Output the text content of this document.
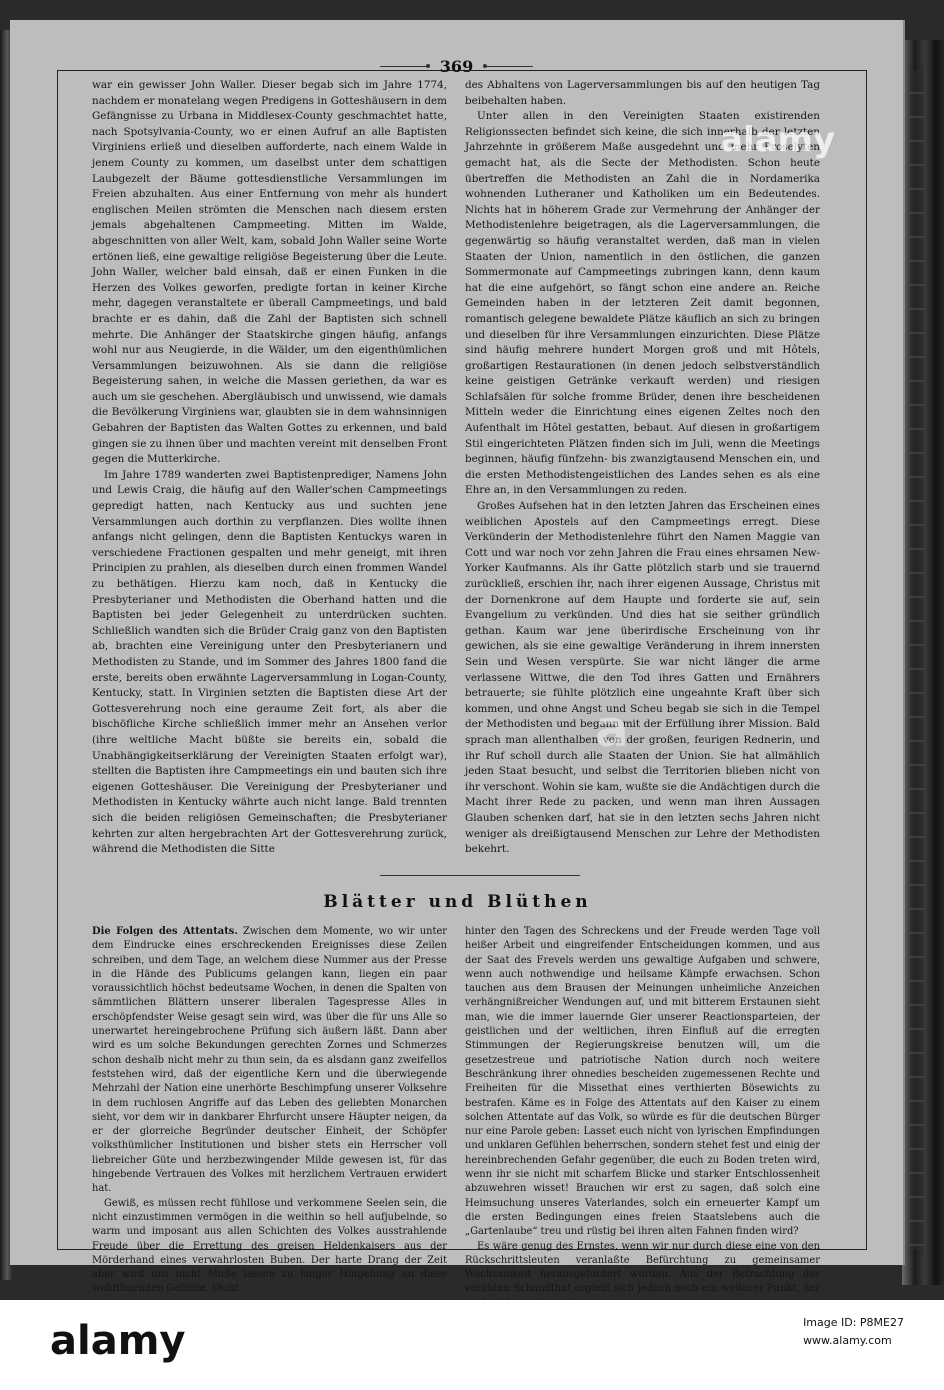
369

war ein gewisser John Waller. Dieser begab sich im Jahre 1774, nachdem er monatelang wegen Predigens in Gotteshäusern in dem Gefängnisse zu Urbana in Middlesex-County geschmachtet hatte, nach Spotsylvania-County, wo er einen Aufruf an alle Baptisten Virginiens erließ und dieselben aufforderte, nach einem Walde in jenem County zu kommen, um daselbst unter dem schattigen Laubgezelt der Bäume gottesdienstliche Versammlungen im Freien abzuhalten. Aus einer Entfernung von mehr als hundert englischen Meilen strömten die Menschen nach diesem ersten jemals abgehaltenen Campmeeting. Mitten im Walde, abgeschnitten von aller Welt, kam, sobald John Waller seine Worte ertönen ließ, eine gewaltige religiöse Begeisterung über die Leute. John Waller, welcher bald einsah, daß er einen Funken in die Herzen des Volkes geworfen, predigte fortan in keiner Kirche mehr, dagegen veranstaltete er überall Campmeetings, und bald brachte er es dahin, daß die Zahl der Baptisten sich schnell mehrte. Die Anhänger der Staatskirche gingen häufig, anfangs wohl nur aus Neugierde, in die Wälder, um den eigenthümlichen Versammlungen beizuwohnen. Als sie dann die religiöse Begeisterung sahen, in welche die Massen geriethen, da war es auch um sie geschehen. Abergläubisch und unwissend, wie damals die Bevölkerung Virginiens war, glaubten sie in dem wahnsinnigen Gebahren der Baptisten das Walten Gottes zu erkennen, und bald gingen sie zu ihnen über und machten vereint mit denselben Front gegen die Mutterkirche.

Im Jahre 1789 wanderten zwei Baptistenprediger, Namens John und Lewis Craig, die häufig auf den Waller'schen Campmeetings gepredigt hatten, nach Kentucky aus und suchten jene Versammlungen auch dorthin zu verpflanzen. Dies wollte ihnen anfangs nicht gelingen, denn die Baptisten Kentuckys waren in verschiedene Fractionen gespalten und mehr geneigt, mit ihren Principien zu prahlen, als dieselben durch einen frommen Wandel zu bethätigen. Hierzu kam noch, daß in Kentucky die Presbyterianer und Methodisten die Oberhand hatten und die Baptisten bei jeder Gelegenheit zu unterdrücken suchten. Schließlich wandten sich die Brüder Craig ganz von den Baptisten ab, brachten eine Vereinigung unter den Presbyterianern und Methodisten zu Stande, und im Sommer des Jahres 1800 fand die erste, bereits oben erwähnte Lagerversammlung in Logan-County, Kentucky, statt. In Virginien setzten die Baptisten diese Art der Gottesverehrung noch eine geraume Zeit fort, als aber die bischöfliche Kirche schließlich immer mehr an Ansehen verlor (ihre weltliche Macht büßte sie bereits ein, sobald die Unabhängigkeitserklärung der Vereinigten Staaten erfolgt war), stellten die Baptisten ihre Campmeetings ein und bauten sich ihre eigenen Gotteshäuser. Die Vereinigung der Presbyterianer und Methodisten in Kentucky währte auch nicht lange. Bald trennten sich die beiden religiösen Gemeinschaften; die Presbyterianer kehrten zur alten hergebrachten Art der Gottesverehrung zurück, während die Methodisten die Sitte

des Abhaltens von Lagerversammlungen bis auf den heutigen Tag beibehalten haben.

Unter allen in den Vereinigten Staaten existirenden Religionssecten befindet sich keine, die sich innerhalb der letzten Jahrzehnte in größerem Maße ausgedehnt und mehr Proselyten gemacht hat, als die Secte der Methodisten. Schon heute übertreffen die Methodisten an Zahl die in Nordamerika wohnenden Lutheraner und Katholiken um ein Bedeutendes. Nichts hat in höherem Grade zur Vermehrung der Anhänger der Methodistenlehre beigetragen, als die Lagerversammlungen, die gegenwärtig so häufig veranstaltet werden, daß man in vielen Staaten der Union, namentlich in den östlichen, die ganzen Sommermonate auf Campmeetings zubringen kann, denn kaum hat die eine aufgehört, so fängt schon eine andere an. Reiche Gemeinden haben in der letzteren Zeit damit begonnen, romantisch gelegene bewaldete Plätze käuflich an sich zu bringen und dieselben für ihre Versammlungen einzurichten. Diese Plätze sind häufig mehrere hundert Morgen groß und mit Hôtels, großartigen Restaurationen (in denen jedoch selbstverständlich keine geistigen Getränke verkauft werden) und riesigen Schlafsälen für solche fromme Brüder, denen ihre bescheidenen Mitteln weder die Einrichtung eines eigenen Zeltes noch den Aufenthalt im Hôtel gestatten, bebaut. Auf diesen in großartigem Stil eingerichteten Plätzen finden sich im Juli, wenn die Meetings beginnen, häufig fünfzehn- bis zwanzigtausend Menschen ein, und die ersten Methodistengeistlichen des Landes sehen es als eine Ehre an, in den Versammlungen zu reden.

Großes Aufsehen hat in den letzten Jahren das Erscheinen eines weiblichen Apostels auf den Campmeetings erregt. Diese Verkünderin der Methodistenlehre führt den Namen Maggie van Cott und war noch vor zehn Jahren die Frau eines ehrsamen New-Yorker Kaufmanns. Als ihr Gatte plötzlich starb und sie trauernd zurückließ, erschien ihr, nach ihrer eigenen Aussage, Christus mit der Dornenkrone auf dem Haupte und forderte sie auf, sein Evangelium zu verkünden. Und dies hat sie seither gründlich gethan. Kaum war jene überirdische Erscheinung von ihr gewichen, als sie eine gewaltige Veränderung in ihrem innersten Sein und Wesen verspürte. Sie war nicht länger die arme verlassene Wittwe, die den Tod ihres Gatten und Ernährers betrauerte; sie fühlte plötzlich eine ungeahnte Kraft über sich kommen, und ohne Angst und Scheu begab sie sich in die Tempel der Methodisten und begann mit der Erfüllung ihrer Mission. Bald sprach man allenthalben von der großen, feurigen Rednerin, und ihr Ruf scholl durch alle Staaten der Union. Sie hat allmählich jeden Staat besucht, und selbst die Territorien blieben nicht von ihr verschont. Wohin sie kam, wußte sie die Andächtigen durch die Macht ihrer Rede zu packen, und wenn man ihren Aussagen Glauben schenken darf, hat sie in den letzten sechs Jahren nicht weniger als dreißigtausend Menschen zur Lehre der Methodisten bekehrt.

Blätter und Blüthen

Die Folgen des Attentats. Zwischen dem Momente, wo wir unter dem Eindrucke eines erschreckenden Ereignisses diese Zeilen schreiben, und dem Tage, an welchem diese Nummer aus der Presse in die Hände des Publicums gelangen kann, liegen ein paar voraussichtlich höchst bedeutsame Wochen, in denen die Spalten von sämmtlichen Blättern unserer liberalen Tagespresse Alles in erschöpfendster Weise gesagt sein wird, was über die für uns Alle so unerwartet hereingebrochene Prüfung sich äußern läßt. Dann aber wird es um solche Bekundungen gerechten Zornes und Schmerzes schon deshalb nicht mehr zu thun sein, da es alsdann ganz zweifellos feststehen wird, daß der eigentliche Kern und die überwiegende Mehrzahl der Nation eine unerhörte Beschimpfung unserer Volksehre in dem ruchlosen Angriffe auf das Leben des geliebten Monarchen sieht, vor dem wir in dankbarer Ehrfurcht unsere Häupter neigen, da er der glorreiche Begründer deutscher Einheit, der Schöpfer volksthümlicher Institutionen und bisher stets ein Herrscher voll liebreicher Güte und herzbezwingender Milde gewesen ist, für das hingebende Vertrauen des Volkes mit herzlichem Vertrauen erwidert hat.

Gewiß, es müssen recht fühllose und verkommene Seelen sein, die nicht einzustimmen vermögen in die weithin so hell aufjubelnde, so warm und imposant aus allen Schichten des Volkes ausstrahlende Freude über die Errettung des greisen Heldenkaisers aus der Mörderhand eines verwahrlosten Buben. Der harte Drang der Zeit aber wird uns nicht Muße lassen zu langer Hingebung an diese wohlthuenden Gefühle. Dicht

hinter den Tagen des Schreckens und der Freude werden Tage voll heißer Arbeit und eingreifender Entscheidungen kommen, und aus der Saat des Frevels werden uns gewaltige Aufgaben und schwere, wenn auch nothwendige und heilsame Kämpfe erwachsen. Schon tauchen aus dem Brausen der Meinungen unheimliche Anzeichen verhängnißreicher Wendungen auf, und mit bitterem Erstaunen sieht man, wie die immer lauernde Gier unserer Reactionsparteien, der geistlichen und der weltlichen, ihren Einfluß auf die erregten Stimmungen der Regierungskreise benutzen will, um die gesetzestreue und patriotische Nation durch noch weitere Beschränkung ihrer ohnedies bescheiden zugemessenen Rechte und Freiheiten für die Missethat eines verthierten Bösewichts zu bestrafen. Käme es in Folge des Attentats auf den Kaiser zu einem solchen Attentate auf das Volk, so würde es für die deutschen Bürger nur eine Parole geben: Lasset euch nicht von lyrischen Empfindungen und unklaren Gefühlen beherrschen, sondern stehet fest und einig der hereinbrechenden Gefahr gegenüber, die euch zu Boden treten wird, wenn ihr sie nicht mit scharfem Blicke und starker Entschlossenheit abzuwehren wisset! Brauchen wir erst zu sagen, daß solch eine Heimsuchung unseres Vaterlandes, solch ein erneuerter Kampf um die ersten Bedingungen eines freien Staatslebens auch die „Gartenlaube“ treu und rüstig bei ihren alten Fahnen finden wird?

Es wäre genug des Ernstes, wenn wir nur durch diese eine von den Rückschrittsleuten veranlaßte Befürchtung zu gemeinsamer Wachsamkeit herausgefordert würden. Aus der Betrachtung der verübten Schandthat ergiebt sich jedoch noch ein weiterer Punkt, der

alamy
a
alamy	Image ID: P8ME27
www.alamy.com
